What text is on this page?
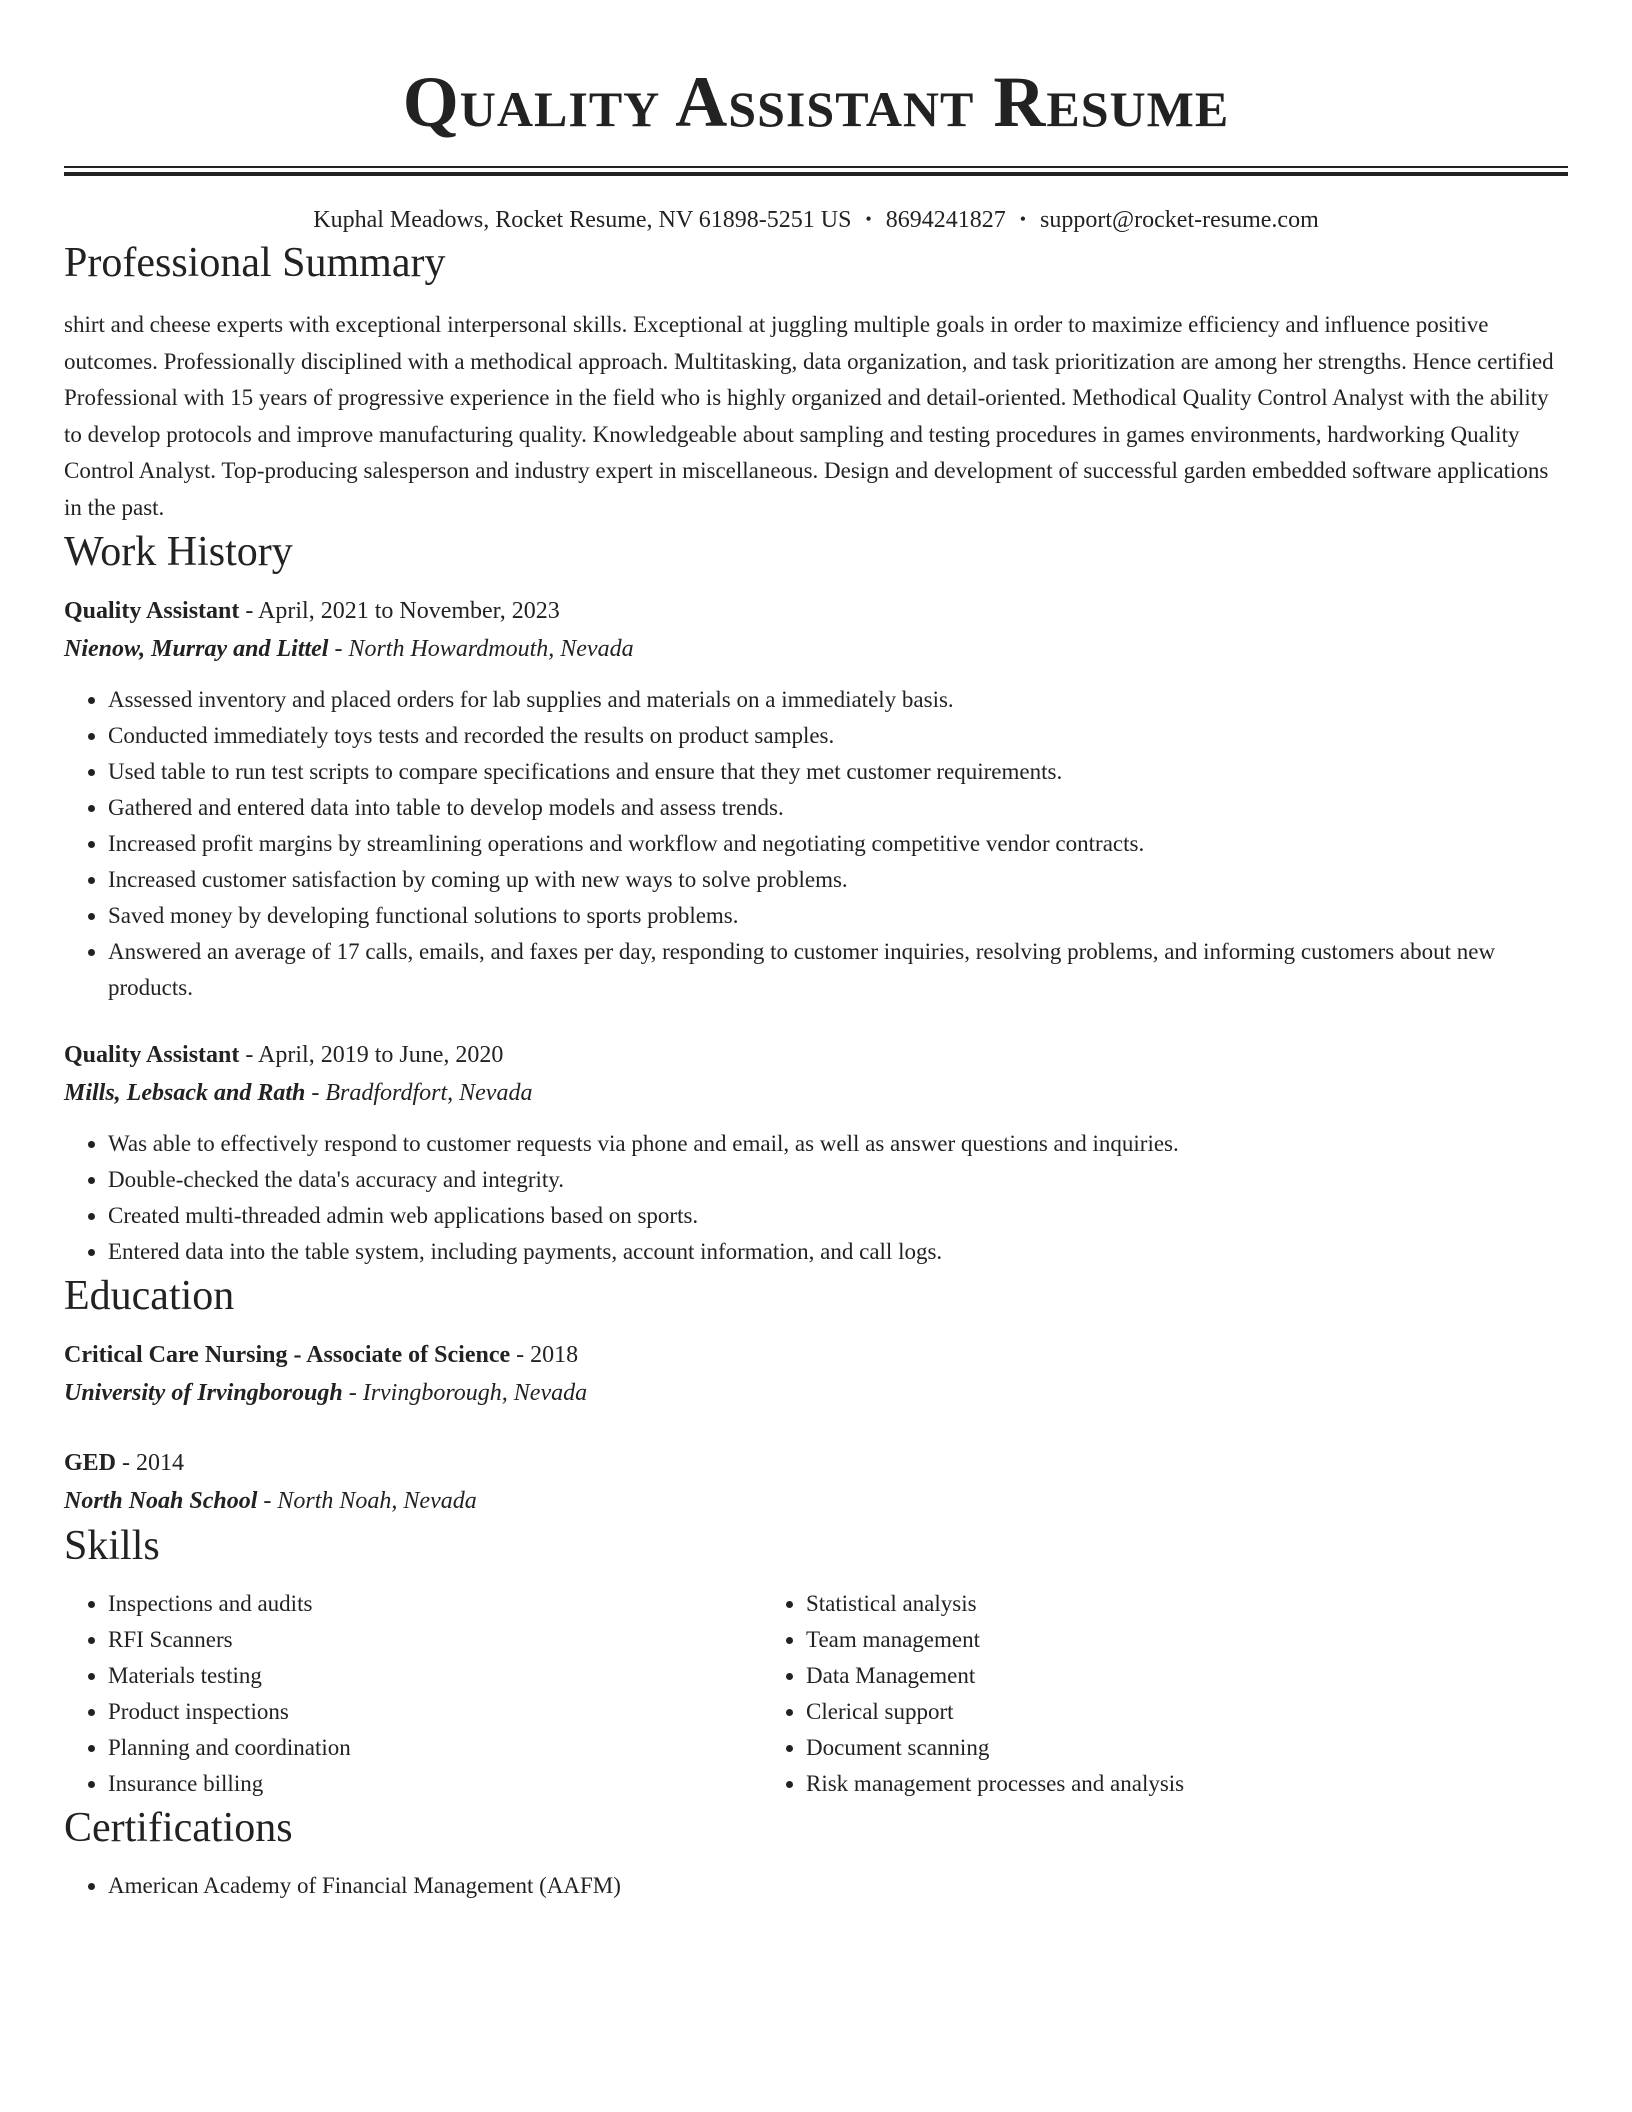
Quality Assistant Resume
Kuphal Meadows, Rocket Resume, NV 61898-5251 US • 8694241827 • support@rocket-resume.com
Professional Summary
shirt and cheese experts with exceptional interpersonal skills. Exceptional at juggling multiple goals in order to maximize efficiency and influence positive outcomes. Professionally disciplined with a methodical approach. Multitasking, data organization, and task prioritization are among her strengths. Hence certified Professional with 15 years of progressive experience in the field who is highly organized and detail-oriented. Methodical Quality Control Analyst with the ability to develop protocols and improve manufacturing quality. Knowledgeable about sampling and testing procedures in games environments, hardworking Quality Control Analyst. Top-producing salesperson and industry expert in miscellaneous. Design and development of successful garden embedded software applications in the past.
Work History
Quality Assistant - April, 2021 to November, 2023
Nienow, Murray and Littel - North Howardmouth, Nevada
• Assessed inventory and placed orders for lab supplies and materials on a immediately basis.
• Conducted immediately toys tests and recorded the results on product samples.
• Used table to run test scripts to compare specifications and ensure that they met customer requirements.
• Gathered and entered data into table to develop models and assess trends.
• Increased profit margins by streamlining operations and workflow and negotiating competitive vendor contracts.
• Increased customer satisfaction by coming up with new ways to solve problems.
• Saved money by developing functional solutions to sports problems.
• Answered an average of 17 calls, emails, and faxes per day, responding to customer inquiries, resolving problems, and informing customers about new products.
Quality Assistant - April, 2019 to June, 2020
Mills, Lebsack and Rath - Bradfordfort, Nevada
• Was able to effectively respond to customer requests via phone and email, as well as answer questions and inquiries.
• Double-checked the data's accuracy and integrity.
• Created multi-threaded admin web applications based on sports.
• Entered data into the table system, including payments, account information, and call logs.
Education
Critical Care Nursing - Associate of Science - 2018
University of Irvingborough - Irvingborough, Nevada
GED - 2014
North Noah School - North Noah, Nevada
Skills
• Inspections and audits
• RFI Scanners
• Materials testing
• Product inspections
• Planning and coordination
• Insurance billing
• Statistical analysis
• Team management
• Data Management
• Clerical support
• Document scanning
• Risk management processes and analysis
Certifications
• American Academy of Financial Management (AAFM)
